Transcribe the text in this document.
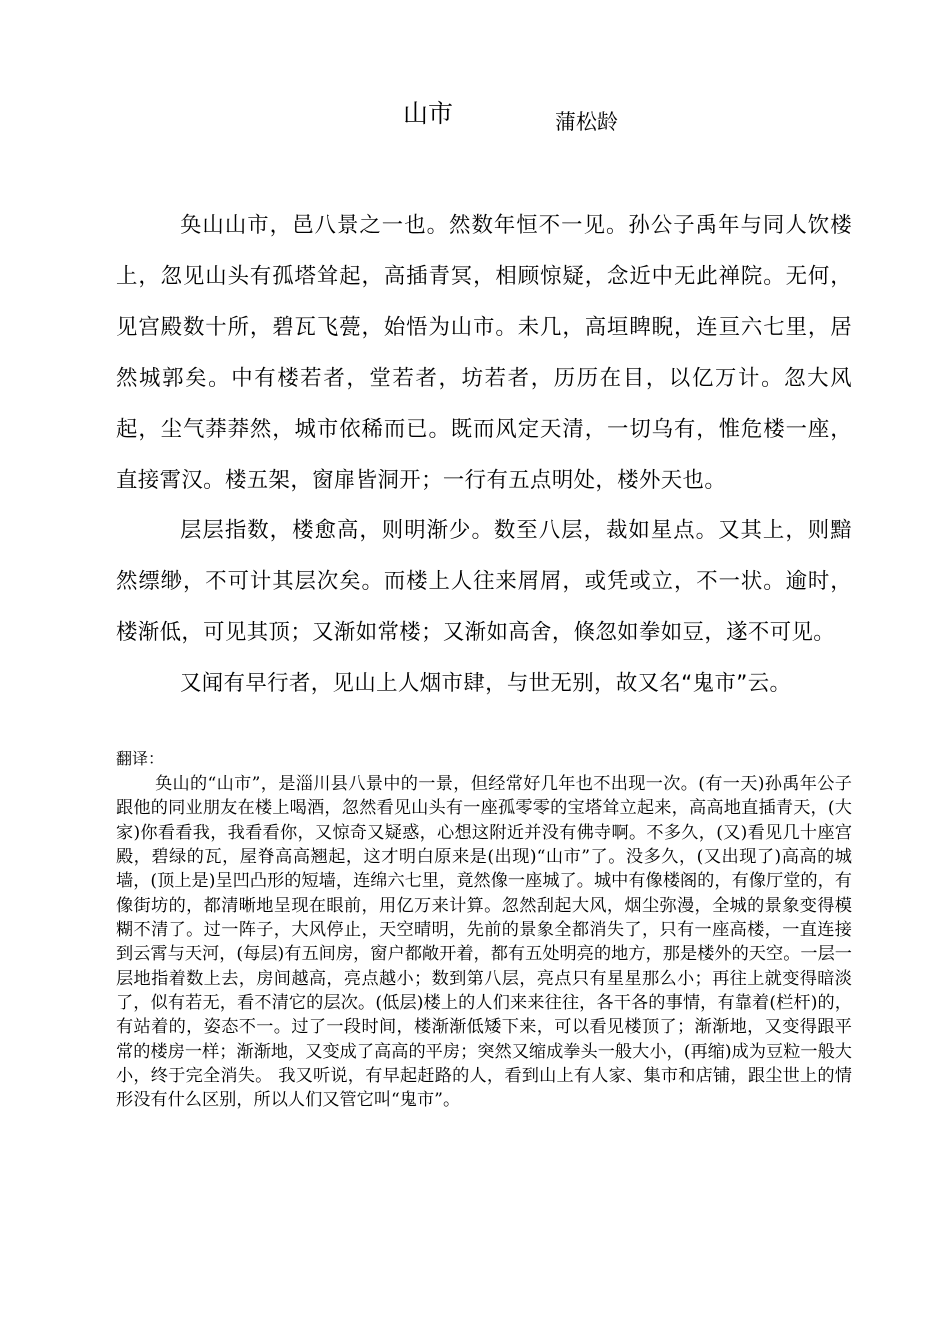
山市	蒲松龄

奂山山市，邑八景之一也。然数年恒不一见。孙公子禹年与同人饮楼上，忽见山头有孤塔耸起，高插青冥，相顾惊疑，念近中无此禅院。无何，见宫殿数十所，碧瓦飞甍，始悟为山市。未几，高垣睥睨，连亘六七里，居然城郭矣。中有楼若者，堂若者，坊若者，历历在目，以亿万计。忽大风起，尘气莽莽然，城市依稀而已。既而风定天清，一切乌有，惟危楼一座，直接霄汉。楼五架，窗扉皆洞开；一行有五点明处，楼外天也。

层层指数，楼愈高，则明渐少。数至八层，裁如星点。又其上，则黯然缥缈，不可计其层次矣。而楼上人往来屑屑，或凭或立，不一状。逾时，楼渐低，可见其顶；又渐如常楼；又渐如高舍，倏忽如拳如豆，遂不可见。

又闻有早行者，见山上人烟市肆，与世无别，故又名“鬼市”云。

翻译：

奂山的“山市”，是淄川县八景中的一景，但经常好几年也不出现一次。(有一天)孙禹年公子跟他的同业朋友在楼上喝酒，忽然看见山头有一座孤零零的宝塔耸立起来，高高地直插青天，(大家)你看看我，我看看你，又惊奇又疑惑，心想这附近并没有佛寺啊。不多久，(又)看见几十座宫殿，碧绿的瓦，屋脊高高翘起，这才明白原来是(出现)“山市”了。没多久，(又出现了)高高的城墙，(顶上是)呈凹凸形的短墙，连绵六七里，竟然像一座城了。城中有像楼阁的，有像厅堂的，有像街坊的，都清晰地呈现在眼前，用亿万来计算。忽然刮起大风，烟尘弥漫，全城的景象变得模糊不清了。过一阵子，大风停止，天空晴明，先前的景象全都消失了，只有一座高楼，一直连接到云霄与天河，(每层)有五间房，窗户都敞开着，都有五处明亮的地方，那是楼外的天空。一层一层地指着数上去，房间越高，亮点越小；数到第八层，亮点只有星星那么小；再往上就变得暗淡了，似有若无，看不清它的层次。(低层)楼上的人们来来往往，各干各的事情，有靠着(栏杆)的，有站着的，姿态不一。过了一段时间，楼渐渐低矮下来，可以看见楼顶了；渐渐地，又变得跟平常的楼房一样；渐渐地，又变成了高高的平房；突然又缩成拳头一般大小，(再缩)成为豆粒一般大小，终于完全消失。 我又听说，有早起赶路的人，看到山上有人家、集市和店铺，跟尘世上的情形没有什么区别，所以人们又管它叫“鬼市”。
